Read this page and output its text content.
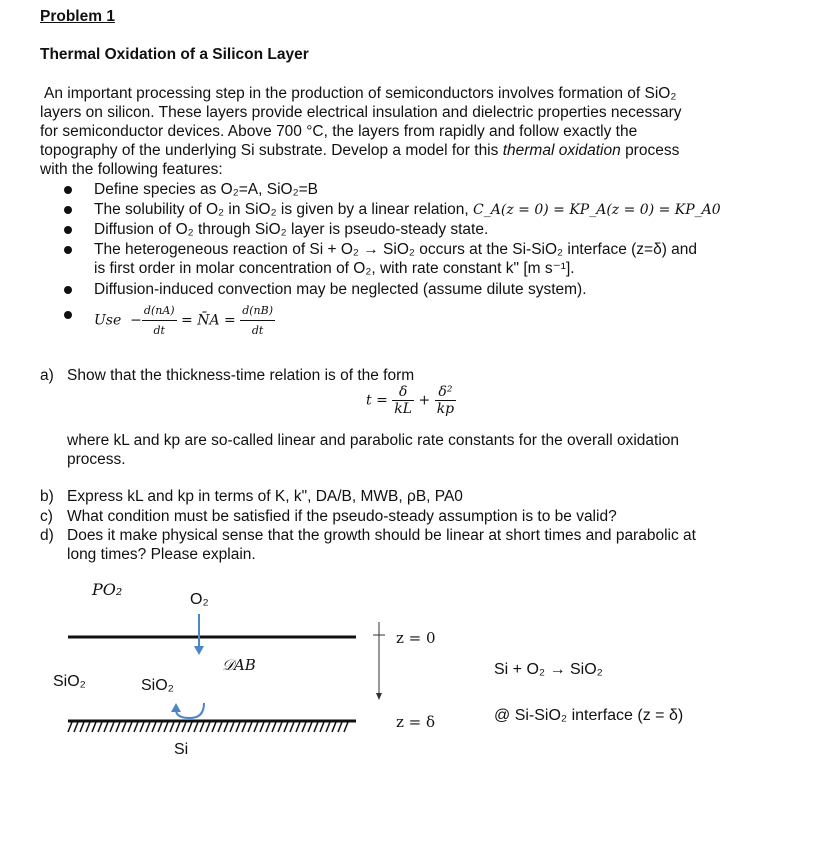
Problem 1
Thermal Oxidation of a Silicon Layer
An important processing step in the production of semiconductors involves formation of SiO₂
layers on silicon. These layers provide electrical insulation and dielectric properties necessary
for semiconductor devices. Above 700 °C, the layers from rapidly and follow exactly the
topography of the underlying Si substrate. Develop a model for this thermal oxidation process
with the following features:
Define species as O₂=A, SiO₂=B
The solubility of O₂ in SiO₂ is given by a linear relation, C_A(z = 0) = KP_A(z = 0) = KP_A0
Diffusion of O₂ through SiO₂ layer is pseudo-steady state.
The heterogeneous reaction of Si + O₂ → SiO₂ occurs at the Si-SiO₂ interface (z=δ) and
is first order in molar concentration of O₂, with rate constant k" [m s⁻¹].
Diffusion-induced convection may be neglected (assume dilute system).
Use  − $\frac{d(nA)}{dt}$ = N̄A = $\frac{d(nB)}{dt}$
a) Show that the thickness-time relation is of the form
$t = \frac{\delta}{kL} + \frac{\text{δ²}}{kp}$
where kL and kp are so-called linear and parabolic rate constants for the overall oxidation
process.
b) Express kL and kp in terms of K, k", DA/B, MWB, ρB, PA0
c) What condition must be satisfied if the pseudo-steady assumption is to be valid?
d) Does it make physical sense that the growth should be linear at short times and parabolic at
long times? Please explain.
PO₂
O₂
𝒟AB
SiO₂	SiO₂
Si
z = 0
z = δ
Si + O₂ → SiO₂
@ Si-SiO₂ interface (z = δ)
